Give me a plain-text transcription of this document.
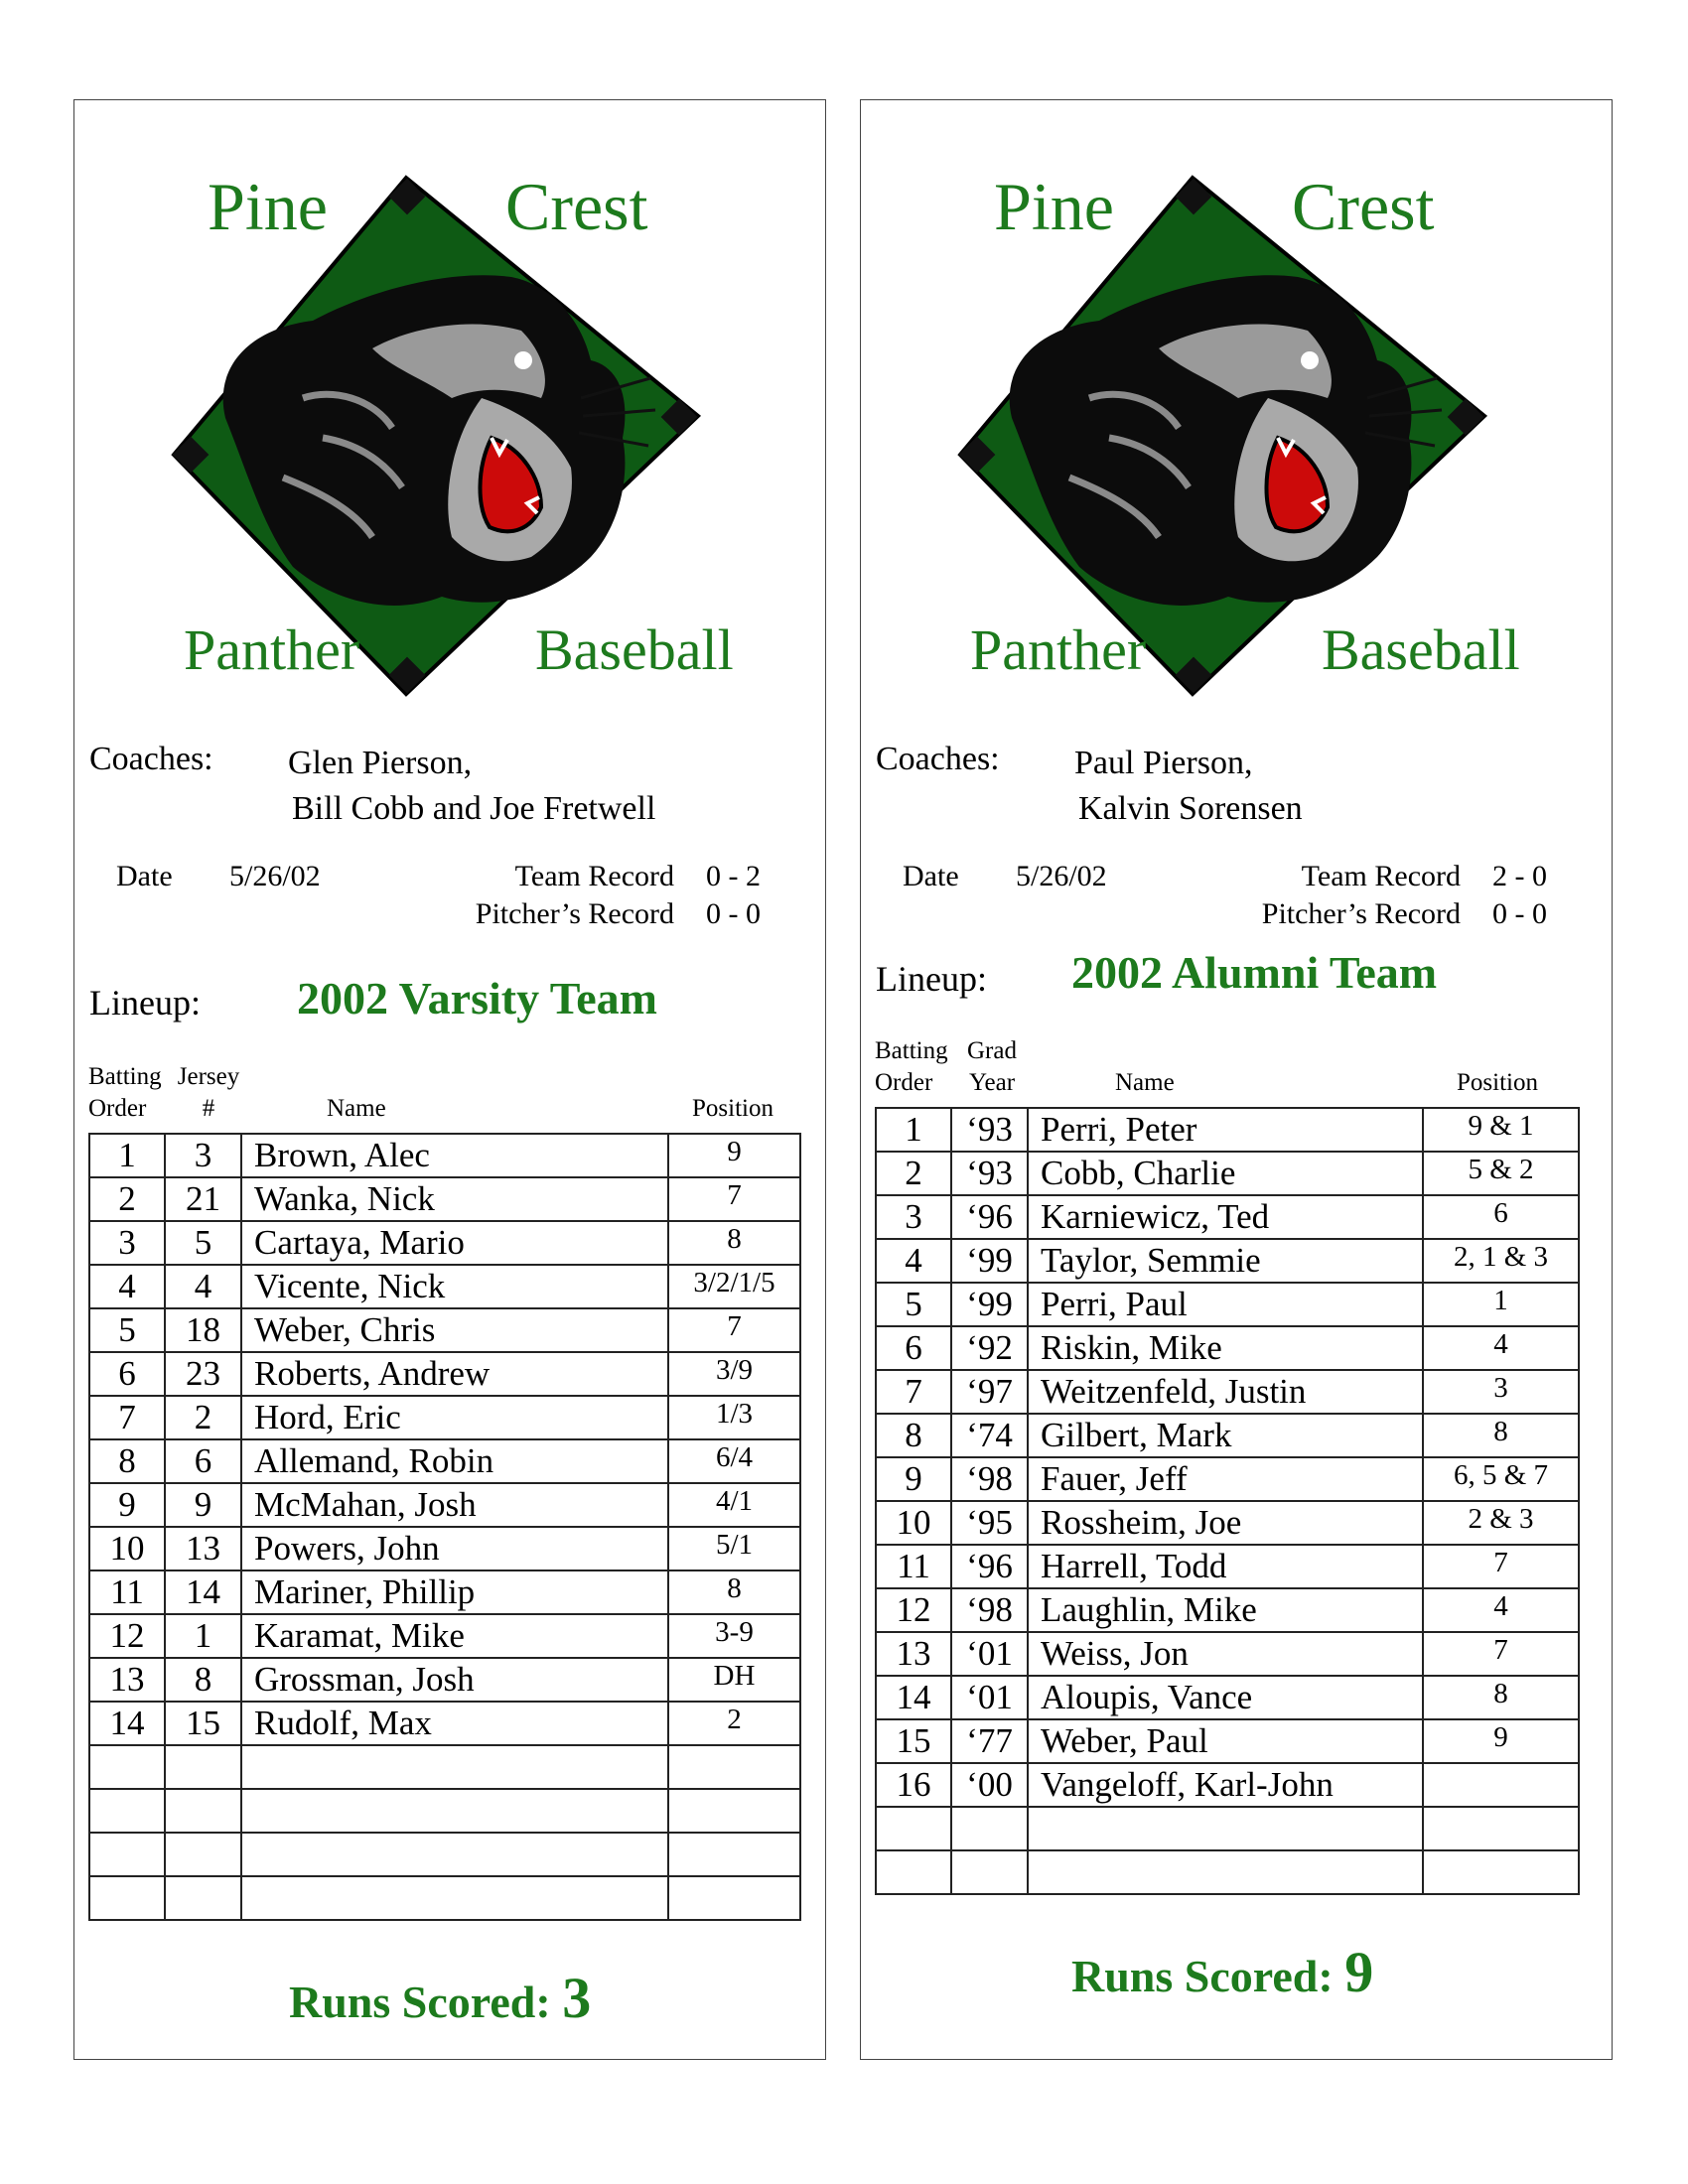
Pine	Crest
Panther	Baseball
Coaches: Glen Pierson,
Bill Cobb and Joe Fretwell
Date 5/26/02	Team Record 0 - 2
Pitcher’s Record 0 - 0
Lineup: 2002 Varsity Team
Batting
Order
Jersey
#	Name	Position
1	3	Brown, Alec	9
2	21	Wanka, Nick	7
3	5	Cartaya, Mario	8
4	4	Vicente, Nick	3/2/1/5
5	18	Weber, Chris	7
6	23	Roberts, Andrew	3/9
7	2	Hord, Eric	1/3
8	6	Allemand, Robin	6/4
9	9	McMahan, Josh	4/1
10	13	Powers, John	5/1
11	14	Mariner, Phillip	8
12	1	Karamat, Mike	3-9
13	8	Grossman, Josh	DH
14	15	Rudolf, Max	2

Runs Scored: 3
Pine	Crest
Panther	Baseball
Coaches: Paul Pierson,
Kalvin Sorensen
Date 5/26/02	Team Record 2 - 0
Pitcher’s Record 0 - 0
Lineup: 2002 Alumni Team
Batting
Order
Grad
Year	Name	Position
1	‘93	Perri, Peter	9 & 1
2	‘93	Cobb, Charlie	5 & 2
3	‘96	Karniewicz, Ted	6
4	‘99	Taylor, Semmie	2, 1 & 3
5	‘99	Perri, Paul	1
6	‘92	Riskin, Mike	4
7	‘97	Weitzenfeld, Justin	3
8	‘74	Gilbert, Mark	8
9	‘98	Fauer, Jeff	6, 5 & 7
10	‘95	Rossheim, Joe	2 & 3
11	‘96	Harrell, Todd	7
12	‘98	Laughlin, Mike	4
13	‘01	Weiss, Jon	7
14	‘01	Aloupis, Vance	8
15	‘77	Weber, Paul	9
16	‘00	Vangeloff, Karl-John	

Runs Scored: 9
